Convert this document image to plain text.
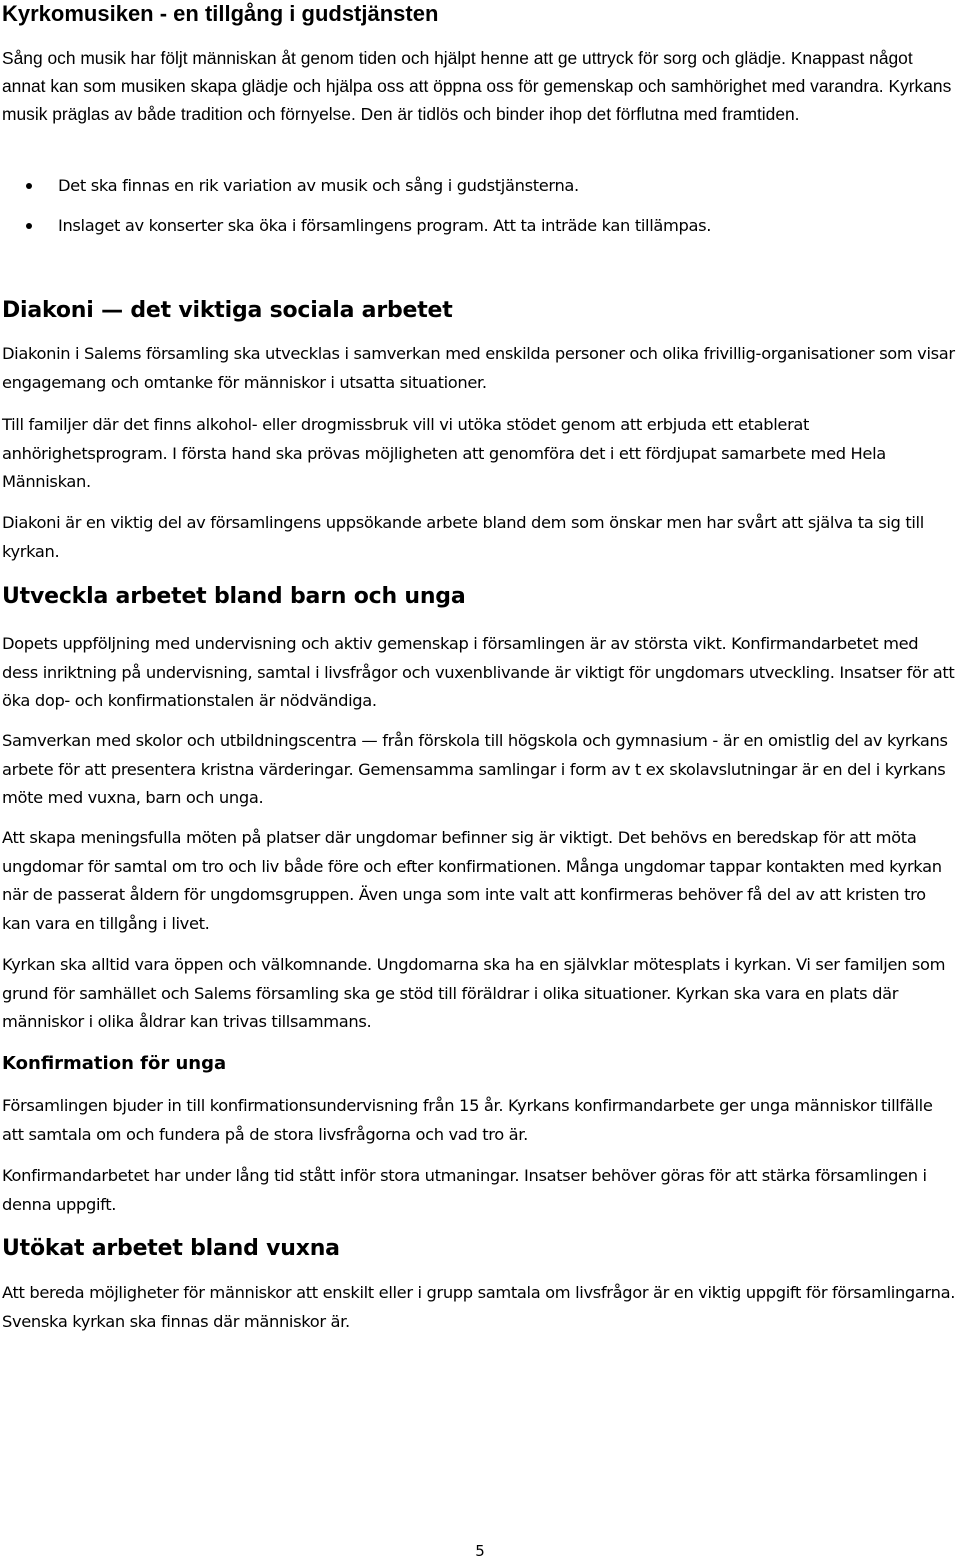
Kyrkomusiken - en tillgång i gudstjänsten

Sång och musik har följt människan åt genom tiden och hjälpt henne att ge uttryck för sorg och glädje. Knappast något annat kan som musiken skapa glädje och hjälpa oss att öppna oss för gemenskap och samhörighet med varandra. Kyrkans musik präglas av både tradition och förnyelse. Den är tidlös och binder ihop det förflutna med framtiden.

Det ska finnas en rik variation av musik och sång i gudstjänsterna.
Inslaget av konserter ska öka i församlingens program. Att ta inträde kan tillämpas.
Diakoni — det viktiga sociala arbetet

Diakonin i Salems församling ska utvecklas i samverkan med enskilda personer och olika frivillig-organisationer som visar engagemang och omtanke för människor i utsatta situationer.

Till familjer där det finns alkohol- eller drogmissbruk vill vi utöka stödet genom att erbjuda ett etablerat anhörighetsprogram. I första hand ska prövas möjligheten att genomföra det i ett fördjupat samarbete med Hela Människan.

Diakoni är en viktig del av församlingens uppsökande arbete bland dem som önskar men har svårt att själva ta sig till kyrkan.

Utveckla arbetet bland barn och unga

Dopets uppföljning med undervisning och aktiv gemenskap i församlingen är av största vikt. Konfirmandarbetet med dess inriktning på undervisning, samtal i livsfrågor och vuxenblivande är viktigt för ungdomars utveckling. Insatser för att öka dop- och konfirmationstalen är nödvändiga.

Samverkan med skolor och utbildningscentra — från förskola till högskola och gymnasium - är en omistlig del av kyrkans arbete för att presentera kristna värderingar. Gemensamma samlingar i form av t ex skolavslutningar är en del i kyrkans möte med vuxna, barn och unga.

Att skapa meningsfulla möten på platser där ungdomar befinner sig är viktigt. Det behövs en beredskap för att möta ungdomar för samtal om tro och liv både före och efter konfirmationen. Många ungdomar tappar kontakten med kyrkan när de passerat åldern för ungdomsgruppen. Även unga som inte valt att konfirmeras behöver få del av att kristen tro kan vara en tillgång i livet.

Kyrkan ska alltid vara öppen och välkomnande. Ungdomarna ska ha en självklar mötesplats i kyrkan. Vi ser familjen som grund för samhället och Salems församling ska ge stöd till föräldrar i olika situationer. Kyrkan ska vara en plats där människor i olika åldrar kan trivas tillsammans.

Konfirmation för unga

Församlingen bjuder in till konfirmationsundervisning från 15 år. Kyrkans konfirmandarbete ger unga människor tillfälle att samtala om och fundera på de stora livsfrågorna och vad tro är.

Konfirmandarbetet har under lång tid stått inför stora utmaningar. Insatser behöver göras för att stärka församlingen i denna uppgift.

Utökat arbetet bland vuxna

Att bereda möjligheter för människor att enskilt eller i grupp samtala om livsfrågor är en viktig uppgift för församlingarna. Svenska kyrkan ska finnas där människor är.

5
